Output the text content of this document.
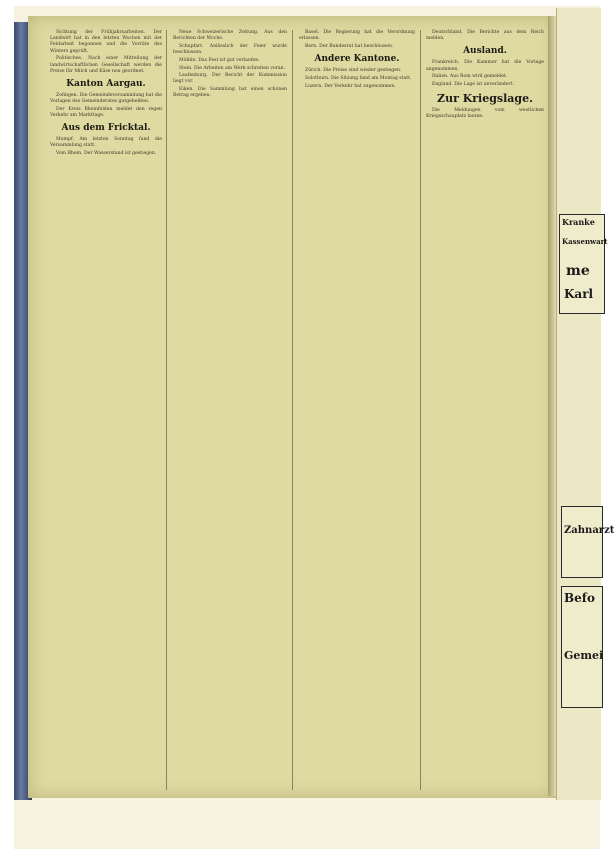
Sichtung der Frühjahrsarbeiten. Der Landwirt hat in den letzten Wochen mit der Feldarbeit begonnen und die Vorräte des Winters geprüft.

Politisches. Nach einer Mitteilung der landwirtschaftlichen Gesellschaft werden die Preise für Milch und Käse neu geordnet.

Kanton Aargau.

Zofingen. Die Gemeindeversammlung hat die Vorlagen des Gemeinderates gutgeheißen.

Der Kreis Rheinfelden meldet den regen Verkehr am Markttage.

Aus dem Fricktal.

Mumpf. Am letzten Sonntag fand die Versammlung statt.

Vom Rhein. Der Wasserstand ist gestiegen.

Neue Schweizerische Zeitung. Aus den Berichten der Woche.

Schupfart. Anlässlich der Feier wurde beschlossen.

Möhlin. Das Fest ist gut verlaufen.

Stein. Die Arbeiten am Werk schreiten voran.

Laufenburg. Der Bericht der Kommission liegt vor.

Eiken. Die Sammlung hat einen schönen Betrag ergeben.

Basel. Die Regierung hat die Verordnung erlassen.

Bern. Der Bundesrat hat beschlossen.

Andere Kantone.

Zürich. Die Preise sind wieder gestiegen.

Solothurn. Die Sitzung fand am Montag statt.

Luzern. Der Verkehr hat zugenommen.

Deutschland. Die Berichte aus dem Reich melden.

Ausland.

Frankreich. Die Kammer hat die Vorlage angenommen.

Italien. Aus Rom wird gemeldet.

England. Die Lage ist unverändert.

Zur Kriegslage.

Die Meldungen vom westlichen Kriegsschauplatz lauten.

Kranke
Kassenwart
me
Karl
Zahnarzt
Befo
Gemei
